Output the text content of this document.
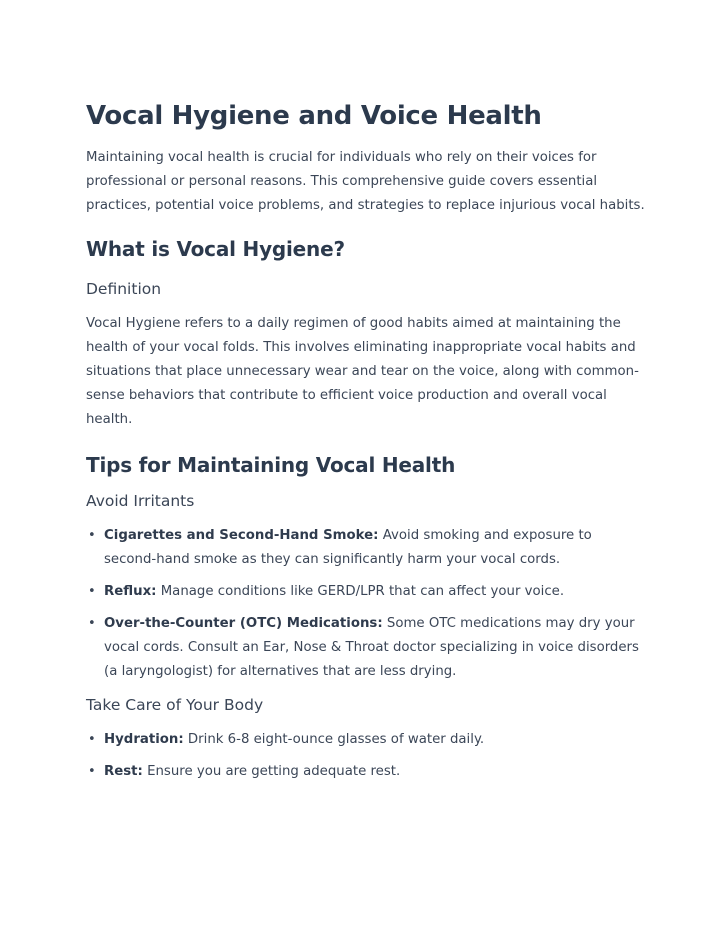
Vocal Hygiene and Voice Health

Maintaining vocal health is crucial for individuals who rely on their voices for professional or personal reasons. This comprehensive guide covers essential practices, potential voice problems, and strategies to replace injurious vocal habits.

What is Vocal Hygiene?
Definition

Vocal Hygiene refers to a daily regimen of good habits aimed at maintaining the health of your vocal folds. This involves eliminating inappropriate vocal habits and situations that place unnecessary wear and tear on the voice, along with common-sense behaviors that contribute to efficient voice production and overall vocal health.

Tips for Maintaining Vocal Health
Avoid Irritants
• Cigarettes and Second-Hand Smoke: Avoid smoking and exposure to second-hand smoke as they can significantly harm your vocal cords.
• Reflux: Manage conditions like GERD/LPR that can affect your voice.
• Over-the-Counter (OTC) Medications: Some OTC medications may dry your vocal cords. Consult an Ear, Nose & Throat doctor specializing in voice disorders (a laryngologist) for alternatives that are less drying.
Take Care of Your Body
• Hydration: Drink 6-8 eight-ounce glasses of water daily.
• Rest: Ensure you are getting adequate rest.
